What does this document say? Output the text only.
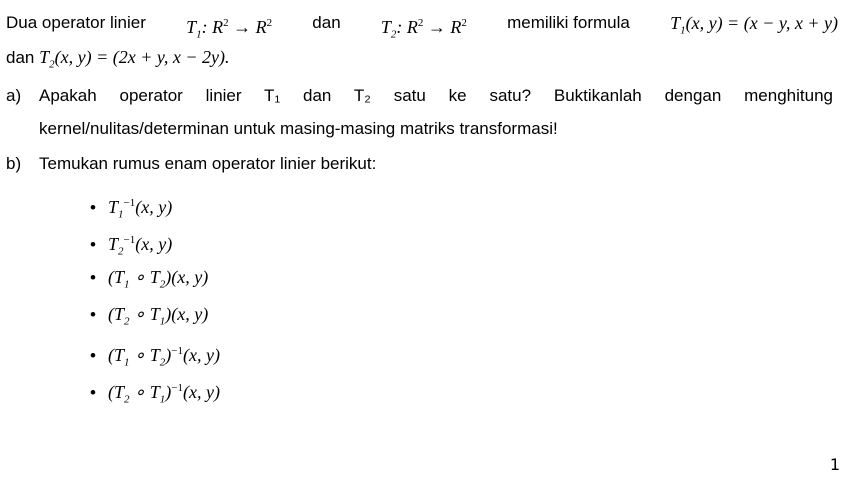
Dua operator linier $T_1$: $R^2 \to R^2$ dan $T_2$: $R^2 \to R^2$ memiliki formula $T_1(x$, y) = (x − y, x + y)
dan $T_2(x$, y) = (2x + y, x − 2y).
a) Apakah operator linier T₁ dan T₂ satu ke satu? Buktikanlah dengan menghitung
kernel/nulitas/determinan untuk masing-masing matriks transformasi!
b) Temukan rumus enam operator linier berikut:
• $T_1^{-1}(x$, y)
• $T_2^{-1}(x$, y)
• ($T_1$ ∘ $T_2)(x$, y)
• ($T_2$ ∘ $T_1)(x$, y)
• ($T_1$ ∘ $T_2)^{-1}(x$, y)
• ($T_2$ ∘ $T_1)^{-1}(x$, y)
1
